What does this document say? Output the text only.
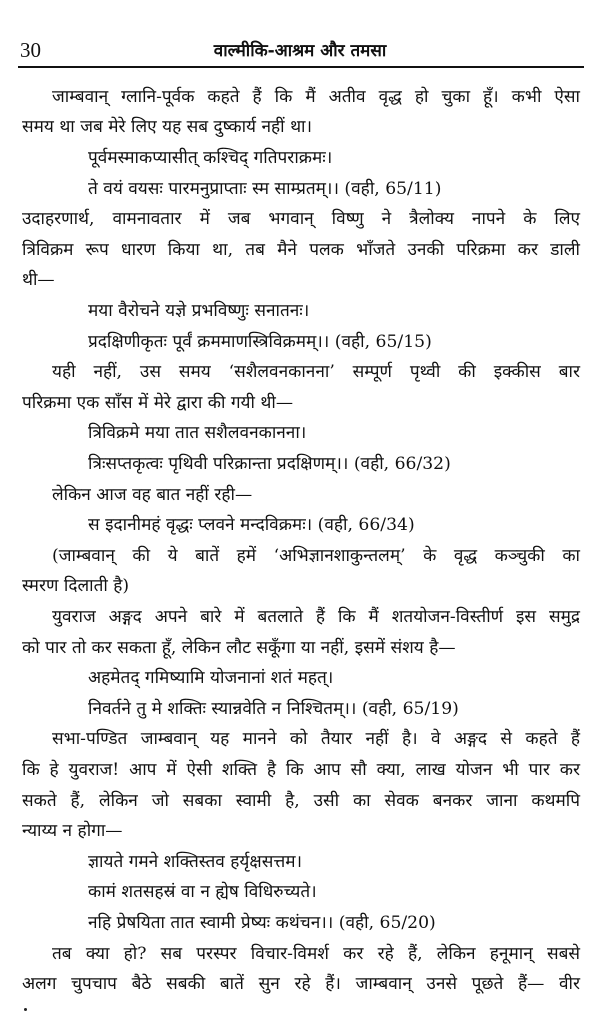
30	वाल्मीकि-आश्रम और तमसा
जाम्बवान् ग्लानि-पूर्वक कहते हैं कि मैं अतीव वृद्ध हो चुका हूँ। कभी ऐसा
समय था जब मेरे लिए यह सब दुष्कार्य नहीं था।
पूर्वमस्माकप्यासीत् कश्चिद् गतिपराक्रमः।
ते वयं वयसः पारमनुप्राप्ताः स्म साम्प्रतम्।। (वही, 65/11)
उदाहरणार्थ, वामनावतार में जब भगवान् विष्णु ने त्रैलोक्य नापने के लिए
त्रिविक्रम रूप धारण किया था, तब मैने पलक भाँजते उनकी परिक्रमा कर डाली
थी—
मया वैरोचने यज्ञे प्रभविष्णुः सनातनः।
प्रदक्षिणीकृतः पूर्वं क्रममाणस्त्रिविक्रमम्।। (वही, 65/15)
यही नहीं, उस समय ‘सशैलवनकानना’ सम्पूर्ण पृथ्वी की इक्कीस बार
परिक्रमा एक साँस में मेरे द्वारा की गयी थी—
त्रिविक्रमे मया तात सशैलवनकानना।
त्रिःसप्तकृत्वः पृथिवी परिक्रान्ता प्रदक्षिणम्।। (वही, 66/32)
लेकिन आज वह बात नहीं रही—
स इदानीमहं वृद्धः प्लवने मन्दविक्रमः। (वही, 66/34)
(जाम्बवान् की ये बातें हमें ‘अभिज्ञानशाकुन्तलम्’ के वृद्ध कञ्चुकी का
स्मरण दिलाती है)
युवराज अङ्गद अपने बारे में बतलाते हैं कि मैं शतयोजन-विस्तीर्ण इस समुद्र
को पार तो कर सकता हूँ, लेकिन लौट सकूँगा या नहीं, इसमें संशय है—
अहमेतद् गमिष्यामि योजनानां शतं महत्।
निवर्तने तु मे शक्तिः स्यान्नवेति न निश्चितम्।। (वही, 65/19)
सभा-पण्डित जाम्बवान् यह मानने को तैयार नहीं है। वे अङ्गद से कहते हैं
कि हे युवराज! आप में ऐसी शक्ति है कि आप सौ क्या, लाख योजन भी पार कर
सकते हैं, लेकिन जो सबका स्वामी है, उसी का सेवक बनकर जाना कथमपि
न्याय्य न होगा—
ज्ञायते गमने शक्तिस्तव हर्यृक्षसत्तम।
कामं शतसहस्रं वा न ह्येष विधिरुच्यते।
नहि प्रेषयिता तात स्वामी प्रेष्यः कथंचन।। (वही, 65/20)
तब क्या हो? सब परस्पर विचार-विमर्श कर रहे हैं, लेकिन हनूमान् सबसे
अलग चुपचाप बैठे सबकी बातें सुन रहे हैं। जाम्बवान् उनसे पूछते हैं— वीर
